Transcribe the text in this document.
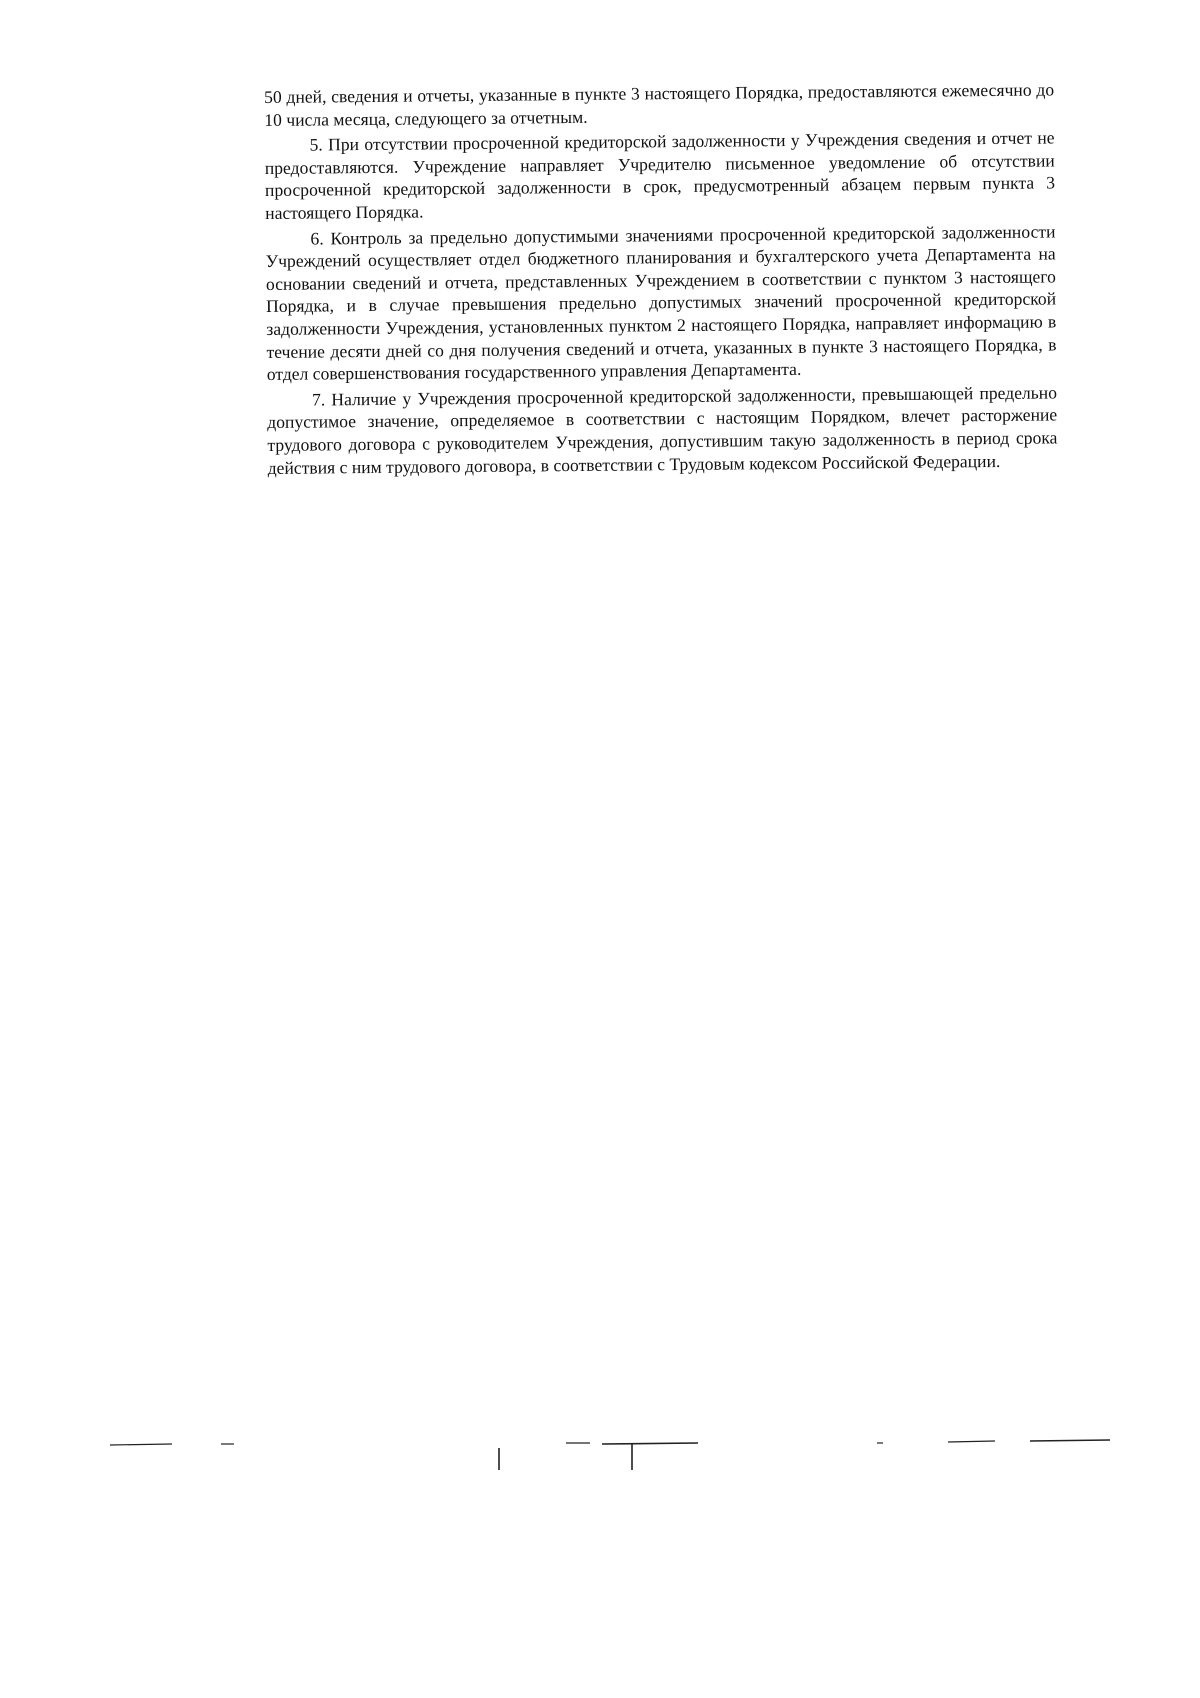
50 дней, сведения и отчеты, указанные в пункте 3 настоящего Порядка, предоставляются ежемесячно до 10 числа месяца, следующего за отчетным.

5. При отсутствии просроченной кредиторской задолженности у Учреждения сведения и отчет не предоставляются. Учреждение направляет Учредителю письменное уведомление об отсутствии просроченной кредиторской задолженности в срок, предусмотренный абзацем первым пункта 3 настоящего Порядка.

6. Контроль за предельно допустимыми значениями просроченной кредиторской задолженности Учреждений осуществляет отдел бюджетного планирования и бухгалтерского учета Департамента на основании сведений и отчета, представленных Учреждением в соответствии с пунктом 3 настоящего Порядка, и в случае превышения предельно допустимых значений просроченной кредиторской задолженности Учреждения, установленных пунктом 2 настоящего Порядка, направляет информацию в течение десяти дней со дня получения сведений и отчета, указанных в пункте 3 настоящего Порядка, в отдел совершенствования государственного управления Департамента.

7. Наличие у Учреждения просроченной кредиторской задолженности, превышающей предельно допустимое значение, определяемое в соответствии с настоящим Порядком, влечет расторжение трудового договора с руководителем Учреждения, допустившим такую задолженность в период срока действия с ним трудового договора, в соответствии с Трудовым кодексом Российской Федерации.
